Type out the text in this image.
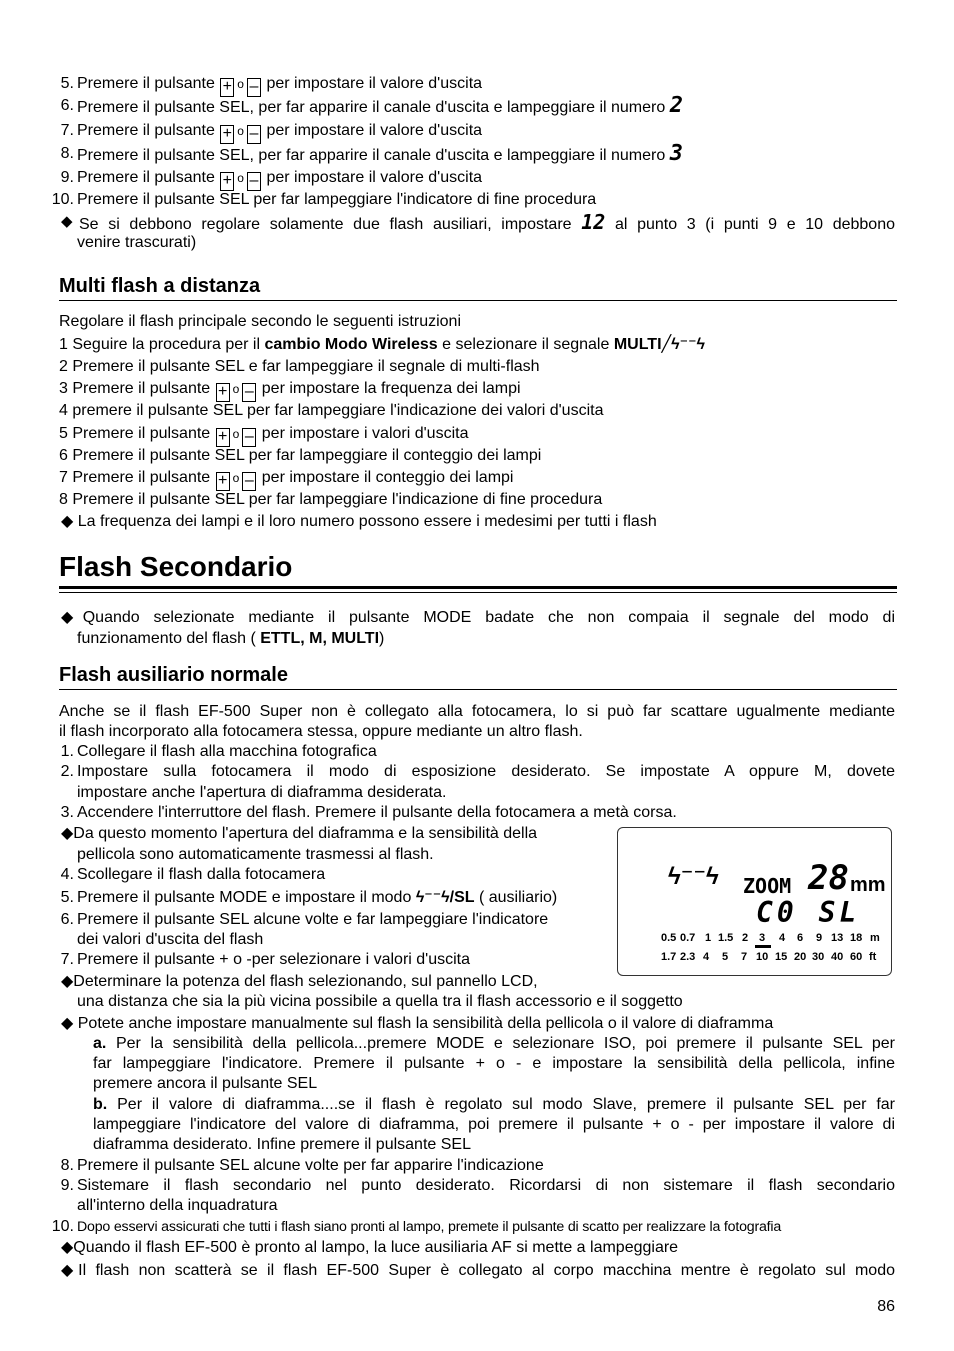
5. Premere il pulsante + o – per impostare il valore d'uscita
6. Premere il pulsante SEL, per far apparire il canale d'uscita e lampeggiare il numero 2
7. Premere il pulsante + o – per impostare il valore d'uscita
8. Premere il pulsante SEL, per far apparire il canale d'uscita e lampeggiare il numero 3
9. Premere il pulsante + o – per impostare il valore d'uscita
10. Premere il pulsante SEL per far lampeggiare l'indicatore di fine procedura
◆ Se si debbono regolare solamente due flash ausiliari, impostare 12 al punto 3 (i punti 9 e 10 debbono
venire trascurati)
Multi flash a distanza
Regolare il flash principale secondo le seguenti istruzioni
1 Seguire la procedura per il cambio Modo Wireless e selezionare il segnale MULTI╱ϟ⁻⁻ϟ
2 Premere il pulsante SEL e far lampeggiare il segnale di multi-flash
3 Premere il pulsante + o – per impostare la frequenza dei lampi
4 premere il pulsante SEL per far lampeggiare l'indicazione dei valori d'uscita
5 Premere il pulsante + o – per impostare i valori d'uscita
6 Premere il pulsante SEL per far lampeggiare il conteggio dei lampi
7 Premere il pulsante + o – per impostare il conteggio dei lampi
8 Premere il pulsante SEL per far lampeggiare l'indicazione di fine procedura
◆ La frequenza dei lampi e il loro numero possono essere i medesimi per tutti i flash
Flash Secondario
◆Quando selezionate mediante il pulsante MODE badate che non compaia il segnale del modo di
funzionamento del flash ( ETTL, M, MULTI)
Flash ausiliario normale
Anche se il flash EF-500 Super non è collegato alla fotocamera, lo si può far scattare ugualmente mediante
il flash incorporato alla fotocamera stessa, oppure mediante un altro flash.
1. Collegare il flash alla macchina fotografica
2. Impostare sulla fotocamera il modo di esposizione desiderato. Se impostate A oppure M, dovete
impostare anche l'apertura di diaframma desiderata.
3. Accendere l'interruttore del flash. Premere il pulsante della fotocamera a metà corsa.
◆Da questo momento l'apertura del diaframma e la sensibilità della
pellicola sono automaticamente trasmessi al flash.
4. Scollegare il flash dalla fotocamera
5. Premere il pulsante MODE e impostare il modo ϟ⁻⁻ϟ/SL ( ausiliario)
6. Premere il pulsante SEL alcune volte e far lampeggiare l'indicatore
dei valori d'uscita del flash
7. Premere il pulsante + o -per selezionare i valori d'uscita
◆Determinare la potenza del flash selezionando, sul pannello LCD,
una distanza che sia la più vicina possibile a quella tra il flash accessorio e il soggetto
◆ Potete anche impostare manualmente sul flash la sensibilità della pellicola o il valore di diaframma
a. Per la sensibilità della pellicola...premere MODE e selezionare ISO, poi premere il pulsante SEL per
far lampeggiare l'indicatore. Premere il pulsante + o - e impostare la sensibilità della pellicola, infine
premere ancora il pulsante SEL
b. Per il valore di diaframma....se il flash è regolato sul modo Slave, premere il pulsante SEL per far
lampeggiare l'indicatore del valore di diaframma, poi premere il pulsante + o - per impostare il valore di
diaframma desiderato. Infine premere il pulsante SEL
8. Premere il pulsante SEL alcune volte per far apparire l'indicazione
9. Sistemare il flash secondario nel punto desiderato. Ricordarsi di non sistemare il flash secondario
all'interno della inquadratura
10. Dopo esservi assicurati che tutti i flash siano pronti al lampo, premete il pulsante di scatto per realizzare la fotografia
◆Quando il flash EF-500 è pronto al lampo, la luce ausiliaria AF si mette a lampeggiare
◆Il flash non scatterà se il flash EF-500 Super è collegato al corpo macchina mentre è regolato sul modo
ϟ⁻⁻ϟ ZOOM 28 mm
C0 SL
0.5 0.7 1 1.5 2 3 4 6 9 13 18 m
1.7 2.3 4 5 7 10 15 20 30 40 60 ft
86
